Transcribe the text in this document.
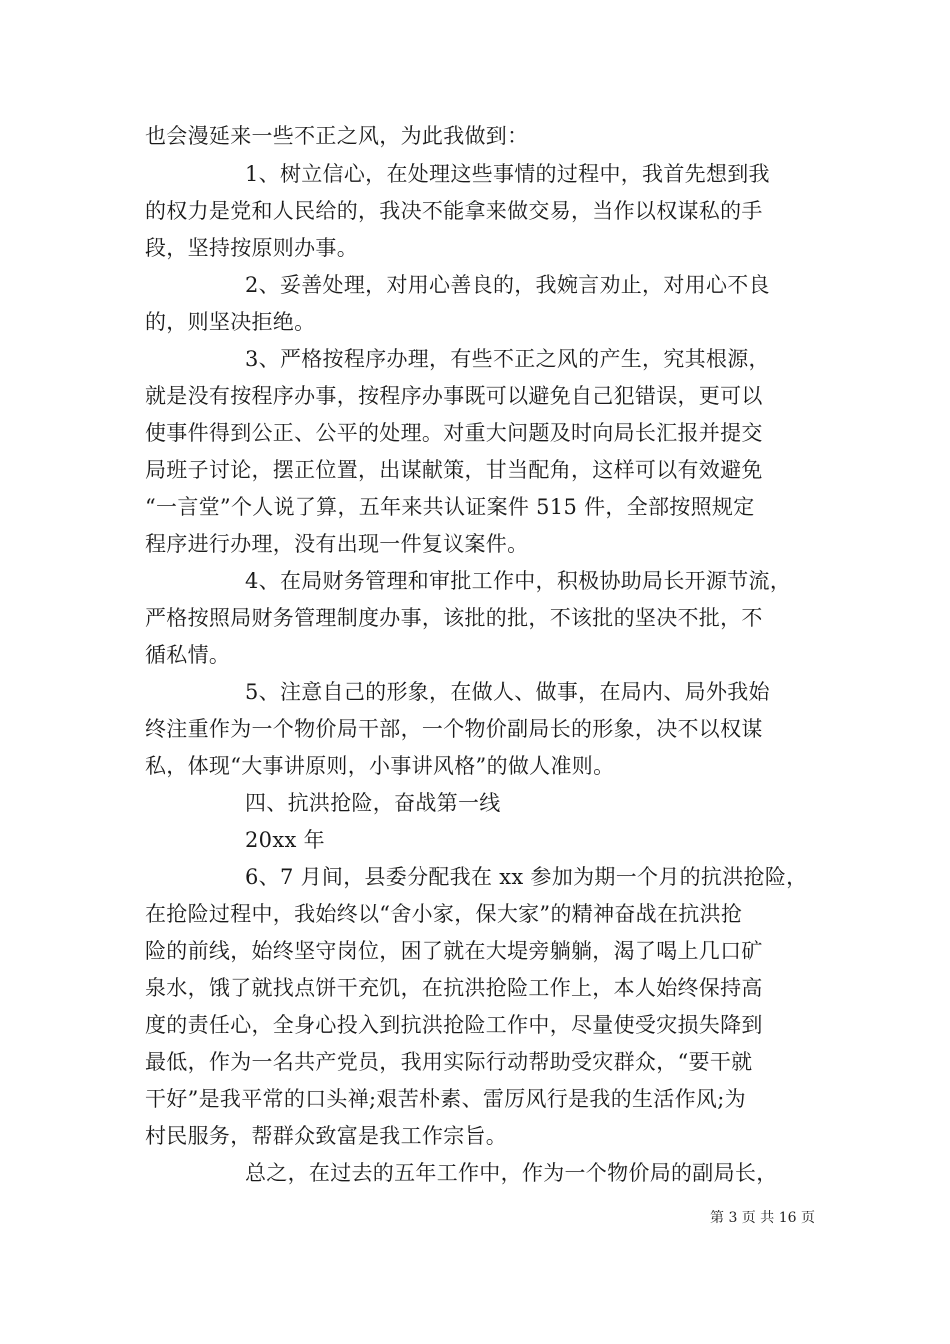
也会漫延来一些不正之风，为此我做到：
1、树立信心，在处理这些事情的过程中，我首先想到我
的权力是党和人民给的，我决不能拿来做交易，当作以权谋私的手
段，坚持按原则办事。
2、妥善处理，对用心善良的，我婉言劝止，对用心不良
的，则坚决拒绝。
3、严格按程序办理，有些不正之风的产生，究其根源，
就是没有按程序办事，按程序办事既可以避免自己犯错误，更可以
使事件得到公正、公平的处理。对重大问题及时向局长汇报并提交
局班子讨论，摆正位置，出谋献策，甘当配角，这样可以有效避免
“一言堂”个人说了算，五年来共认证案件 515 件，全部按照规定
程序进行办理，没有出现一件复议案件。
4、在局财务管理和审批工作中，积极协助局长开源节流，
严格按照局财务管理制度办事，该批的批，不该批的坚决不批，不
循私情。
5、注意自己的形象，在做人、做事，在局内、局外我始
终注重作为一个物价局干部，一个物价副局长的形象，决不以权谋
私，体现“大事讲原则，小事讲风格”的做人准则。
四、抗洪抢险，奋战第一线
20xx 年
6、7 月间，县委分配我在 xx 参加为期一个月的抗洪抢险，
在抢险过程中，我始终以“舍小家，保大家”的精神奋战在抗洪抢
险的前线，始终坚守岗位，困了就在大堤旁躺躺，渴了喝上几口矿
泉水，饿了就找点饼干充饥，在抗洪抢险工作上，本人始终保持高
度的责任心，全身心投入到抗洪抢险工作中，尽量使受灾损失降到
最低，作为一名共产党员，我用实际行动帮助受灾群众，“要干就
干好”是我平常的口头禅;艰苦朴素、雷厉风行是我的生活作风;为
村民服务，帮群众致富是我工作宗旨。
总之，在过去的五年工作中，作为一个物价局的副局长，
第 3 页 共 16 页
